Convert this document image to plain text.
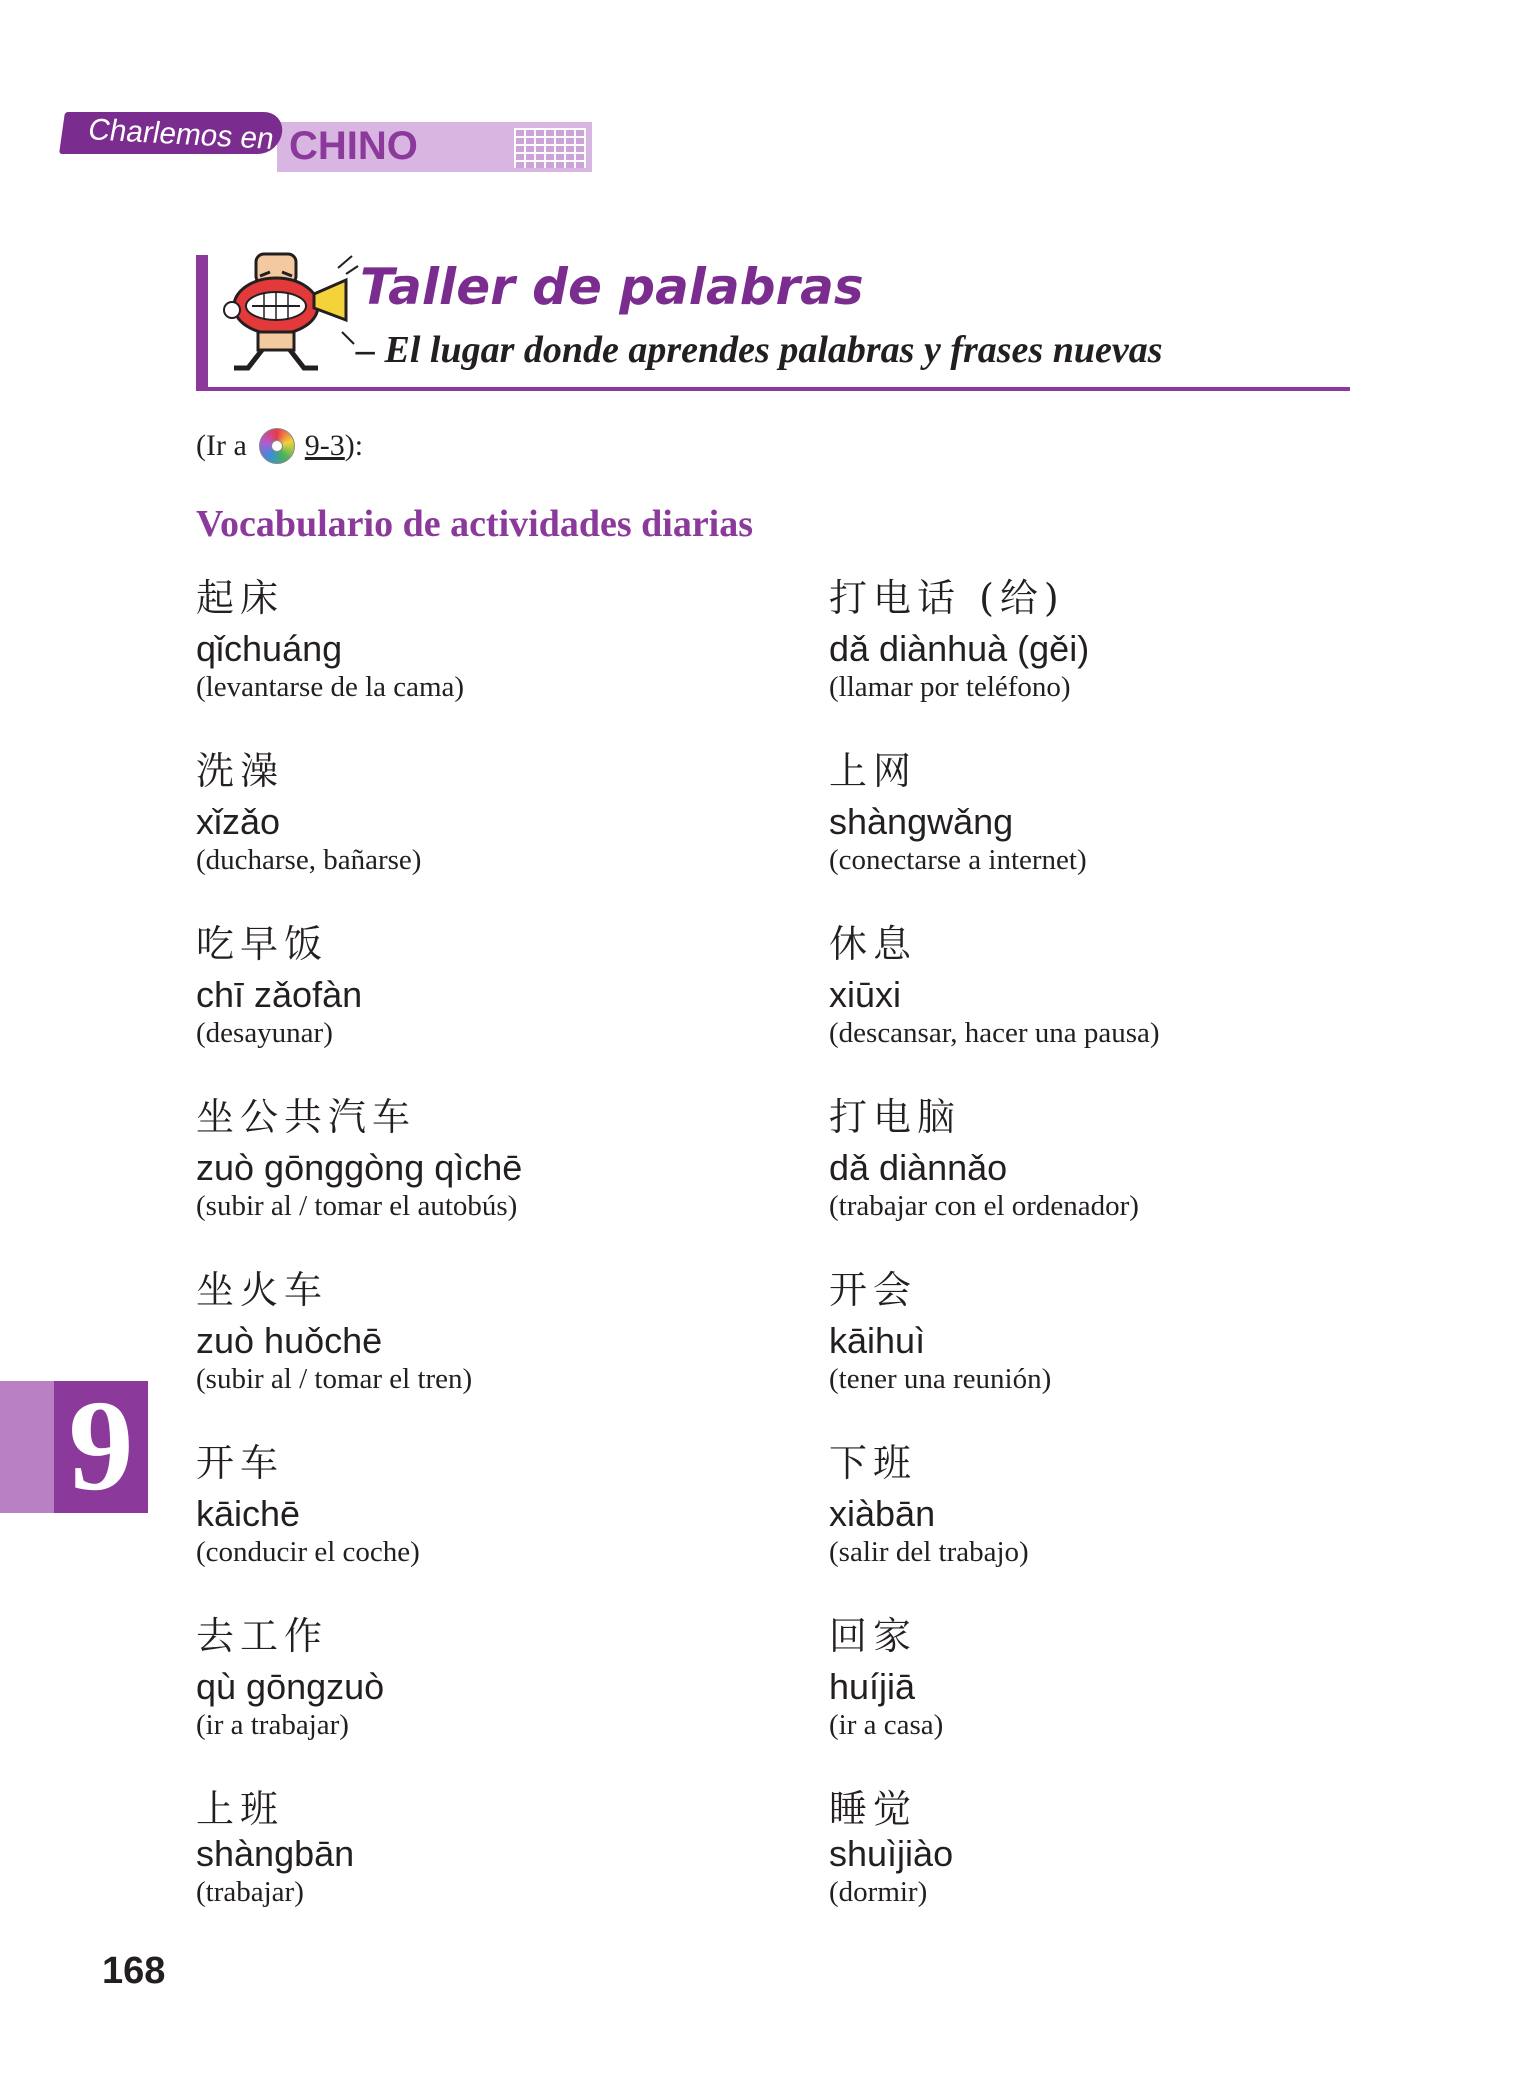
CHINO
Charlemos en
Taller de palabras
– El lugar donde aprendes palabras y frases nuevas
(Ir a 9-3 ):
Vocabulario de actividades diarias
起床
qǐchuáng
(levantarse de la cama)
打电话 (给)
dǎ diànhuà (gěi)
(llamar por teléfono)
洗澡
xǐzǎo
(ducharse, bañarse)
上网
shàngwǎng
(conectarse a internet)
吃早饭
chī zǎofàn
(desayunar)
休息
xiūxi
(descansar, hacer una pausa)
坐公共汽车
zuò gōnggòng qìchē
(subir al / tomar el autobús)
打电脑
dǎ diànnǎo
(trabajar con el ordenador)
坐火车
zuò huǒchē
(subir al / tomar el tren)
开会
kāihuì
(tener una reunión)
开车
kāichē
(conducir el coche)
下班
xiàbān
(salir del trabajo)
去工作
qù gōngzuò
(ir a trabajar)
回家
huíjiā
(ir a casa)
上班
shàngbān
(trabajar)
睡觉
shuìjiào
(dormir)
9
168
